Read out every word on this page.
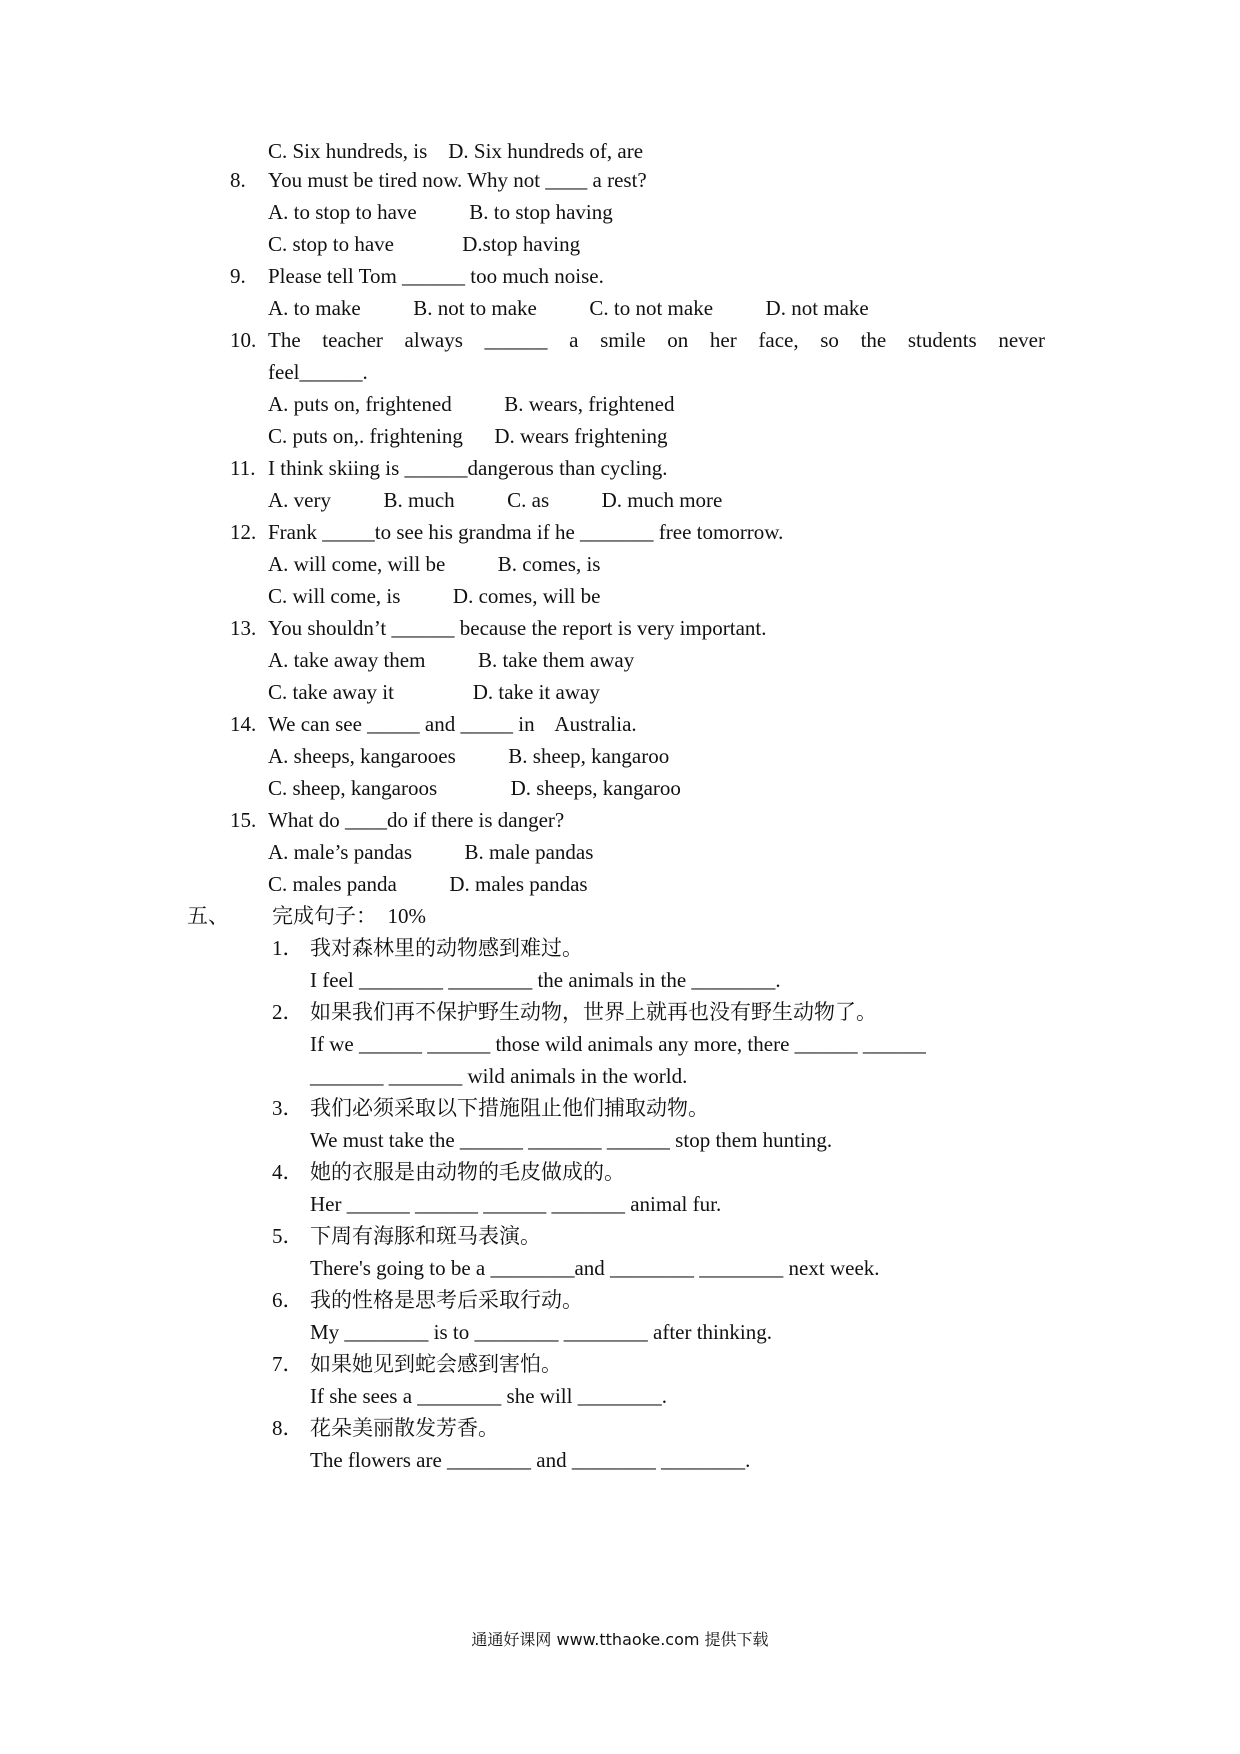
C. Six hundreds, is    D. Six hundreds of, are
8. You must be tired now. Why not ____ a rest?
A. to stop to have          B. to stop having
C. stop to have             D.stop having
9. Please tell Tom ______ too much noise.
A. to make          B. not to make          C. to not make          D. not make
10. The teacher always ______ a smile on her face, so the students never
feel______.
A. puts on, frightened          B. wears, frightened
C. puts on,. frightening      D. wears frightening
11. I think skiing is ______dangerous than cycling.
A. very          B. much          C. as          D. much more
12. Frank _____to see his grandma if he _______ free tomorrow.
A. will come, will be          B. comes, is
C. will come, is          D. comes, will be
13. You shouldn’t ______ because the report is very important.
A. take away them          B. take them away
C. take away it               D. take it away
14. We can see _____ and _____ in    Australia.
A. sheeps, kangarooes          B. sheep, kangaroo
C. sheep, kangaroos              D. sheeps, kangaroo
15. What do ____do if there is danger?
A. male’s pandas          B. male pandas
C. males panda          D. males pandas
五、 完成句子：  10%
1． 我对森林里的动物感到难过。
I feel ________ ________ the animals in the ________.
2． 如果我们再不保护野生动物，世界上就再也没有野生动物了。
If we ______ ______ those wild animals any more, there ______ ______
_______ _______ wild animals in the world.
3． 我们必须采取以下措施阻止他们捕取动物。
We must take the ______ _______ ______ stop them hunting.
4． 她的衣服是由动物的毛皮做成的。
Her ______ ______ ______ _______ animal fur.
5． 下周有海豚和斑马表演。
There's going to be a ________and ________ ________ next week.
6． 我的性格是思考后采取行动。
My ________ is to ________ ________ after thinking.
7． 如果她见到蛇会感到害怕。
If she sees a ________ she will ________.
8． 花朵美丽散发芳香。
The flowers are ________ and ________ ________.
通通好课网 www.tthaoke.com 提供下载
